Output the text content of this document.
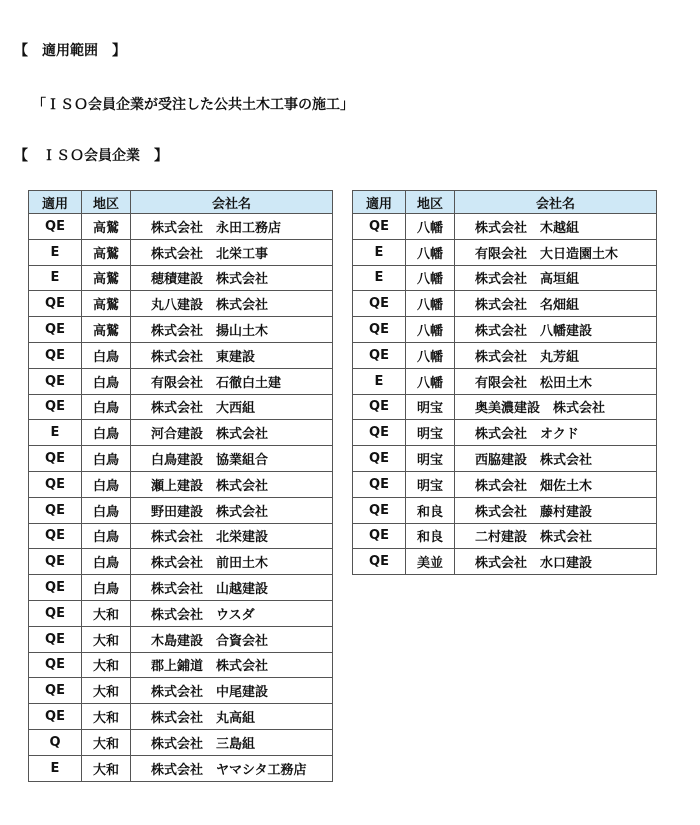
【　適用範囲　】
「ＩＳＯ会員企業が受注した公共土木工事の施工」
【　ＩＳＯ会員企業　】
適用	地区	会社名
QE	高鷲	株式会社　永田工務店
E	高鷲	株式会社　北栄工事
E	高鷲	穂積建設　株式会社
QE	高鷲	丸八建設　株式会社
QE	高鷲	株式会社　揚山土木
QE	白鳥	株式会社　東建設
QE	白鳥	有限会社　石徹白土建
QE	白鳥	株式会社　大西組
E	白鳥	河合建設　株式会社
QE	白鳥	白鳥建設　協業組合
QE	白鳥	瀬上建設　株式会社
QE	白鳥	野田建設　株式会社
QE	白鳥	株式会社　北栄建設
QE	白鳥	株式会社　前田土木
QE	白鳥	株式会社　山越建設
QE	大和	株式会社　ウスダ
QE	大和	木島建設　合資会社
QE	大和	郡上鋪道　株式会社
QE	大和	株式会社　中尾建設
QE	大和	株式会社　丸高組
Q	大和	株式会社　三島組
E	大和	株式会社　ヤマシタ工務店
適用	地区	会社名
QE	八幡	株式会社　木越組
E	八幡	有限会社　大日造園土木
E	八幡	株式会社　高垣組
QE	八幡	株式会社　名畑組
QE	八幡	株式会社　八幡建設
QE	八幡	株式会社　丸芳組
E	八幡	有限会社　松田土木
QE	明宝	奥美濃建設　株式会社
QE	明宝	株式会社　オクド
QE	明宝	西脇建設　株式会社
QE	明宝	株式会社　畑佐土木
QE	和良	株式会社　藤村建設
QE	和良	二村建設　株式会社
QE	美並	株式会社　水口建設
